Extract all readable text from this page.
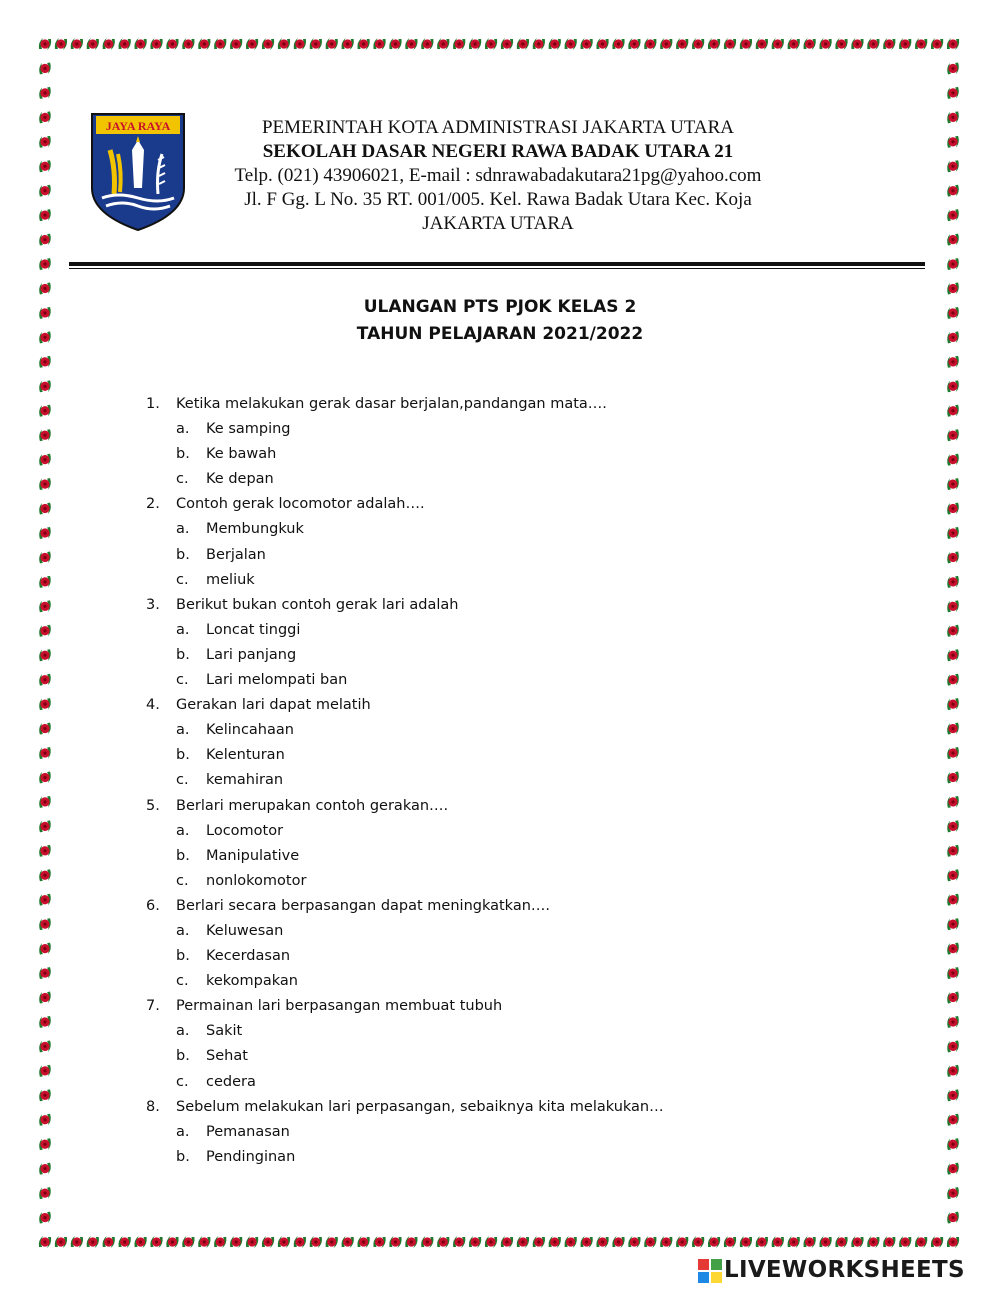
JAYA RAYA	PEMERINTAH KOTA ADMINISTRASI JAKARTA UTARA
SEKOLAH DASAR NEGERI RAWA BADAK UTARA 21
Telp. (021) 43906021, E-mail : sdnrawabadakutara21pg@yahoo.com
Jl. F Gg. L No. 35 RT. 001/005. Kel. Rawa Badak Utara Kec. Koja
JAKARTA UTARA
ULANGAN PTS PJOK KELAS 2
TAHUN PELAJARAN 2021/2022
1. Ketika melakukan gerak dasar berjalan,pandangan mata….
a. Ke samping
b. Ke bawah
c. Ke depan
2. Contoh gerak locomotor adalah….
a. Membungkuk
b. Berjalan
c. meliuk
3. Berikut bukan contoh gerak lari adalah
a. Loncat tinggi
b. Lari panjang
c. Lari melompati ban
4. Gerakan lari dapat melatih
a. Kelincahaan
b. Kelenturan
c. kemahiran
5. Berlari merupakan contoh gerakan….
a. Locomotor
b. Manipulative
c. nonlokomotor
6. Berlari secara berpasangan dapat meningkatkan….
a. Keluwesan
b. Kecerdasan
c. kekompakan
7. Permainan lari berpasangan membuat tubuh
a. Sakit
b. Sehat
c. cedera
8. Sebelum melakukan lari perpasangan, sebaiknya kita melakukan…
a. Pemanasan
b. Pendinginan
LIVEWORKSHEETS
